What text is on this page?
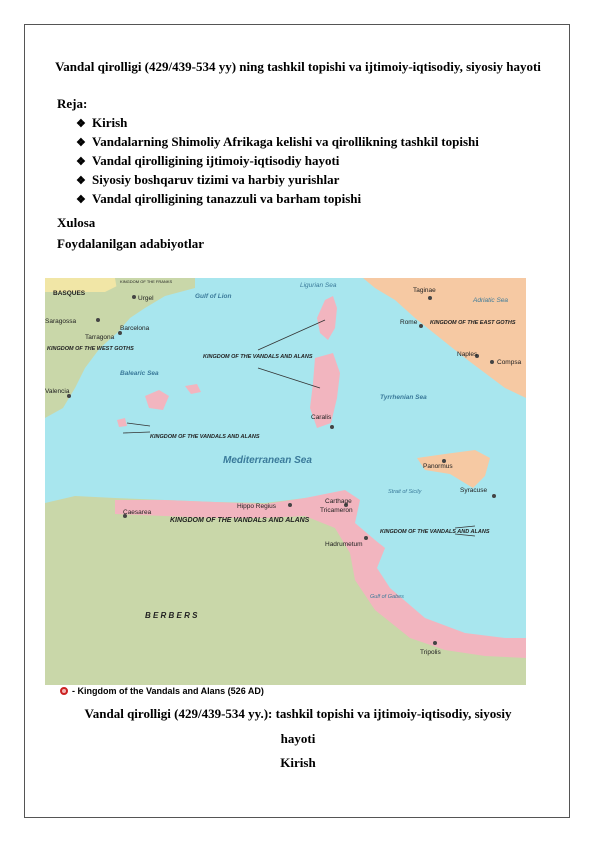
Vandal qirolligi (429/439-534 yy) ning tashkil topishi va ijtimoiy-iqtisodiy, siyosiy hayoti
Reja:
❖ Kirish
❖ Vandalarning Shimoliy Afrikaga kelishi va qirollikning tashkil topishi
❖ Vandal qirolligining ijtimoiy-iqtisodiy hayoti
❖ Siyosiy boshqaruv tizimi va harbiy yurishlar
❖ Vandal qirolligining tanazzuli va barham topishi
Xulosa
Foydalanilgan adabiyotlar
BASQUES
KINGDOM OF THE FRANKS
Urgel	Gulf of Lion
Ligurian Sea
Taginae
Adriatic Sea
Saragossa
Barcelona
Tarragona
KINGDOM OF THE WEST GOTHS
Rome KINGDOM OF THE EAST GOTHS
Naples
Compsa
KINGDOM OF THE VANDALS AND ALANS
Balearic Sea
Valencia
Tyrrhenian Sea
Caralis
KINGDOM OF THE VANDALS AND ALANS
Mediterranean Sea
Panormus
Strait of Sicily	Syracuse
Carthage
Tricameron
Hippo Regius
Caesarea
KINGDOM OF THE VANDALS AND ALANS
KINGDOM OF THE VANDALS AND ALANS
Hadrumetum
Gulf of Gabes
B E R B E R S
Tripolis
- Kingdom of the Vandals and Alans (526 AD)
Vandal qirolligi (429/439-534 yy.): tashkil topishi va ijtimoiy-iqtisodiy, siyosiy
hayoti
Kirish
